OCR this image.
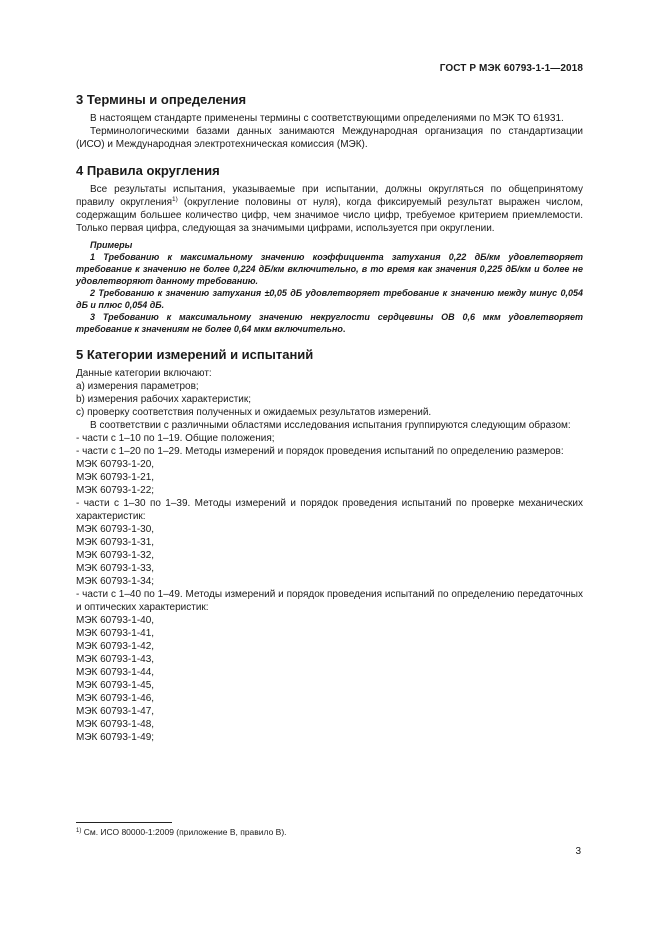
ГОСТ Р МЭК 60793-1-1—2018
3 Термины и определения

В настоящем стандарте применены термины с соответствующими определениями по МЭК ТО 61931.

Терминологическими базами данных занимаются Международная организация по стандартизации (ИСО) и Международная электротехническая комиссия (МЭК).

4 Правила округления

Все результаты испытания, указываемые при испытании, должны округляться по общепринятому правилу округления$^{1)}$ (округление половины от нуля), когда фиксируемый результат выражен числом, содержащим большее количество цифр, чем значимое число цифр, требуемое критерием приемлемости. Только первая цифра, следующая за значимыми цифрами, используется при округлении.

Примеры

1 Требованию к максимальному значению коэффициента затухания 0,22 дБ/км удовлетворяет требование к значению не более 0,224 дБ/км включительно, в то время как значения 0,225 дБ/км и более не удовлетворяют данному требованию.

2 Требованию к значению затухания ±0,05 дБ удовлетворяет требование к значению между минус 0,054 дБ и плюс 0,054 дБ.

3 Требованию к максимальному значению некруглости сердцевины ОВ 0,6 мкм удовлетворяет требование к значениям не более 0,64 мкм включительно.

5 Категории измерений и испытаний

Данные категории включают:

а) измерения параметров;

b) измерения рабочих характеристик;

с) проверку соответствия полученных и ожидаемых результатов измерений.

В соответствии с различными областями исследования испытания группируются следующим образом:

- части с 1–10 по 1–19. Общие положения;

- части с 1–20 по 1–29. Методы измерений и порядок проведения испытаний по определению размеров:

МЭК 60793-1-20,

МЭК 60793-1-21,

МЭК 60793-1-22;

- части с 1–30 по 1–39. Методы измерений и порядок проведения испытаний по проверке механических характеристик:

МЭК 60793-1-30,

МЭК 60793-1-31,

МЭК 60793-1-32,

МЭК 60793-1-33,

МЭК 60793-1-34;

- части с 1–40 по 1–49. Методы измерений и порядок проведения испытаний по определению передаточных и оптических характеристик:

МЭК 60793-1-40,

МЭК 60793-1-41,

МЭК 60793-1-42,

МЭК 60793-1-43,

МЭК 60793-1-44,

МЭК 60793-1-45,

МЭК 60793-1-46,

МЭК 60793-1-47,

МЭК 60793-1-48,

МЭК 60793-1-49;

$^{1)}$ См. ИСО 80000-1:2009 (приложение В, правило В).
3
